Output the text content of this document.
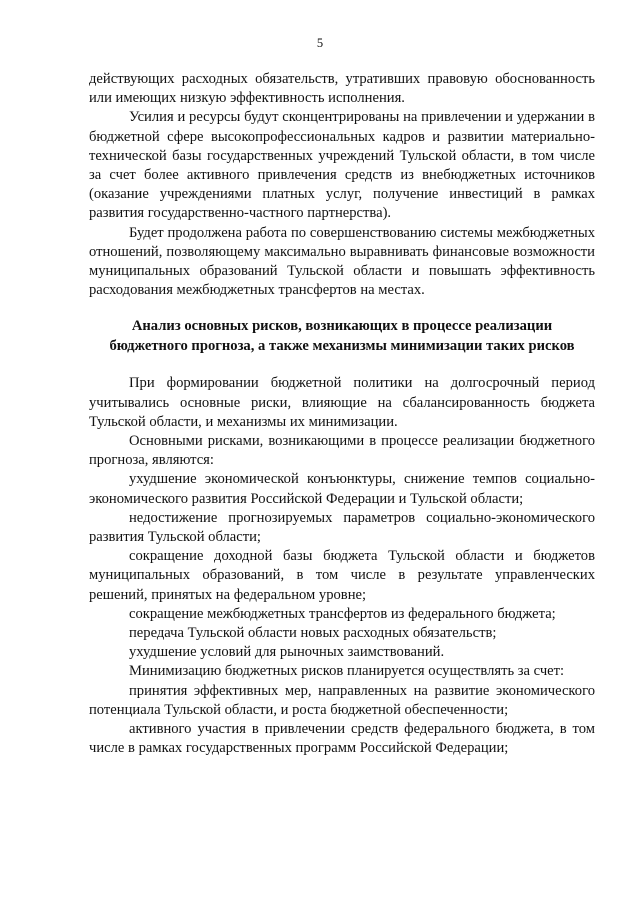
5

действующих расходных обязательств, утративших правовую обоснованность или имеющих низкую эффективность исполнения.

Усилия и ресурсы будут сконцентрированы на привлечении и удержании в бюджетной сфере высокопрофессиональных кадров и развитии материально-технической базы государственных учреждений Тульской области, в том числе за счет более активного привлечения средств из внебюджетных источников (оказание учреждениями платных услуг, получение инвестиций в рамках развития государственно-частного партнерства).

Будет продолжена работа по совершенствованию системы межбюджетных отношений, позволяющему максимально выравнивать финансовые возможности муниципальных образований Тульской области и повышать эффективность расходования межбюджетных трансфертов на местах.

Анализ основных рисков, возникающих в процессе реализации
бюджетного прогноза, а также механизмы минимизации таких рисков

При формировании бюджетной политики на долгосрочный период учитывались основные риски, влияющие на сбалансированность бюджета Тульской области, и механизмы их минимизации.

Основными рисками, возникающими в процессе реализации бюджетного прогноза, являются:

ухудшение экономической конъюнктуры, снижение темпов социально-экономического развития Российской Федерации и Тульской области;

недостижение прогнозируемых параметров социально-экономического развития Тульской области;

сокращение доходной базы бюджета Тульской области и бюджетов муниципальных образований, в том числе в результате управленческих решений, принятых на федеральном уровне;

сокращение межбюджетных трансфертов из федерального бюджета;

передача Тульской области новых расходных обязательств;

ухудшение условий для рыночных заимствований.

Минимизацию бюджетных рисков планируется осуществлять за счет:

принятия эффективных мер, направленных на развитие экономического потенциала Тульской области, и роста бюджетной обеспеченности;

активного участия в привлечении средств федерального бюджета, в том числе в рамках государственных программ Российской Федерации;
